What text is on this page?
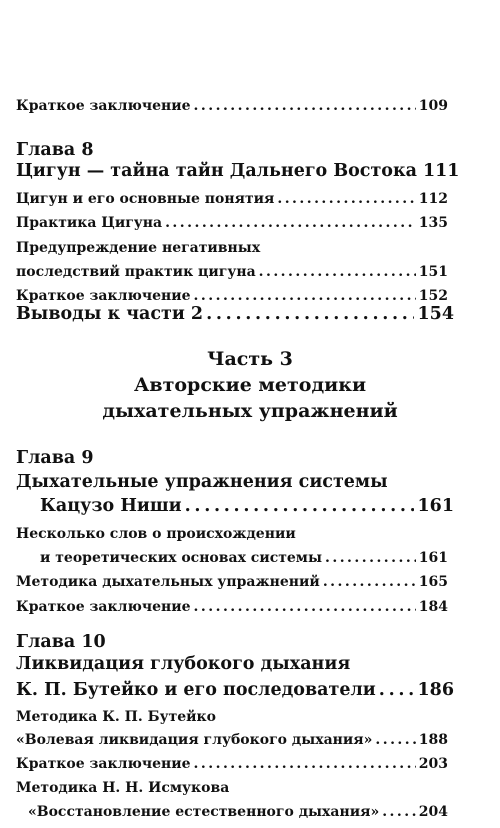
Краткое заключение . . .	109
Глава 8
Цигун — тайна тайн Дальнего Востока 111
Цигун и его основные понятия . . .	112
Практика Цигуна . . .	135
Предупреждение негативных
последствий практик цигуна . . .	151
Краткое заключение . . .	152
Выводы к части 2 . . .	154
Часть 3
Авторские методики
дыхательных упражнений
Глава 9
Дыхательные упражнения системы
Кацузо Ниши . . .	161
Несколько слов о происхождении
и теоретических основах системы . . .	161
Методика дыхательных упражнений . . .	165
Краткое заключение . . .	184
Глава 10
Ликвидация глубокого дыхания
К. П. Бутейко и его последователи . . . 186
Методика К. П. Бутейко
«Волевая ликвидация глубокого дыхания» . . .	188
Краткое заключение . . .	203
Методика Н. Н. Исмукова
«Восстановление естественного дыхания» . . .	204
